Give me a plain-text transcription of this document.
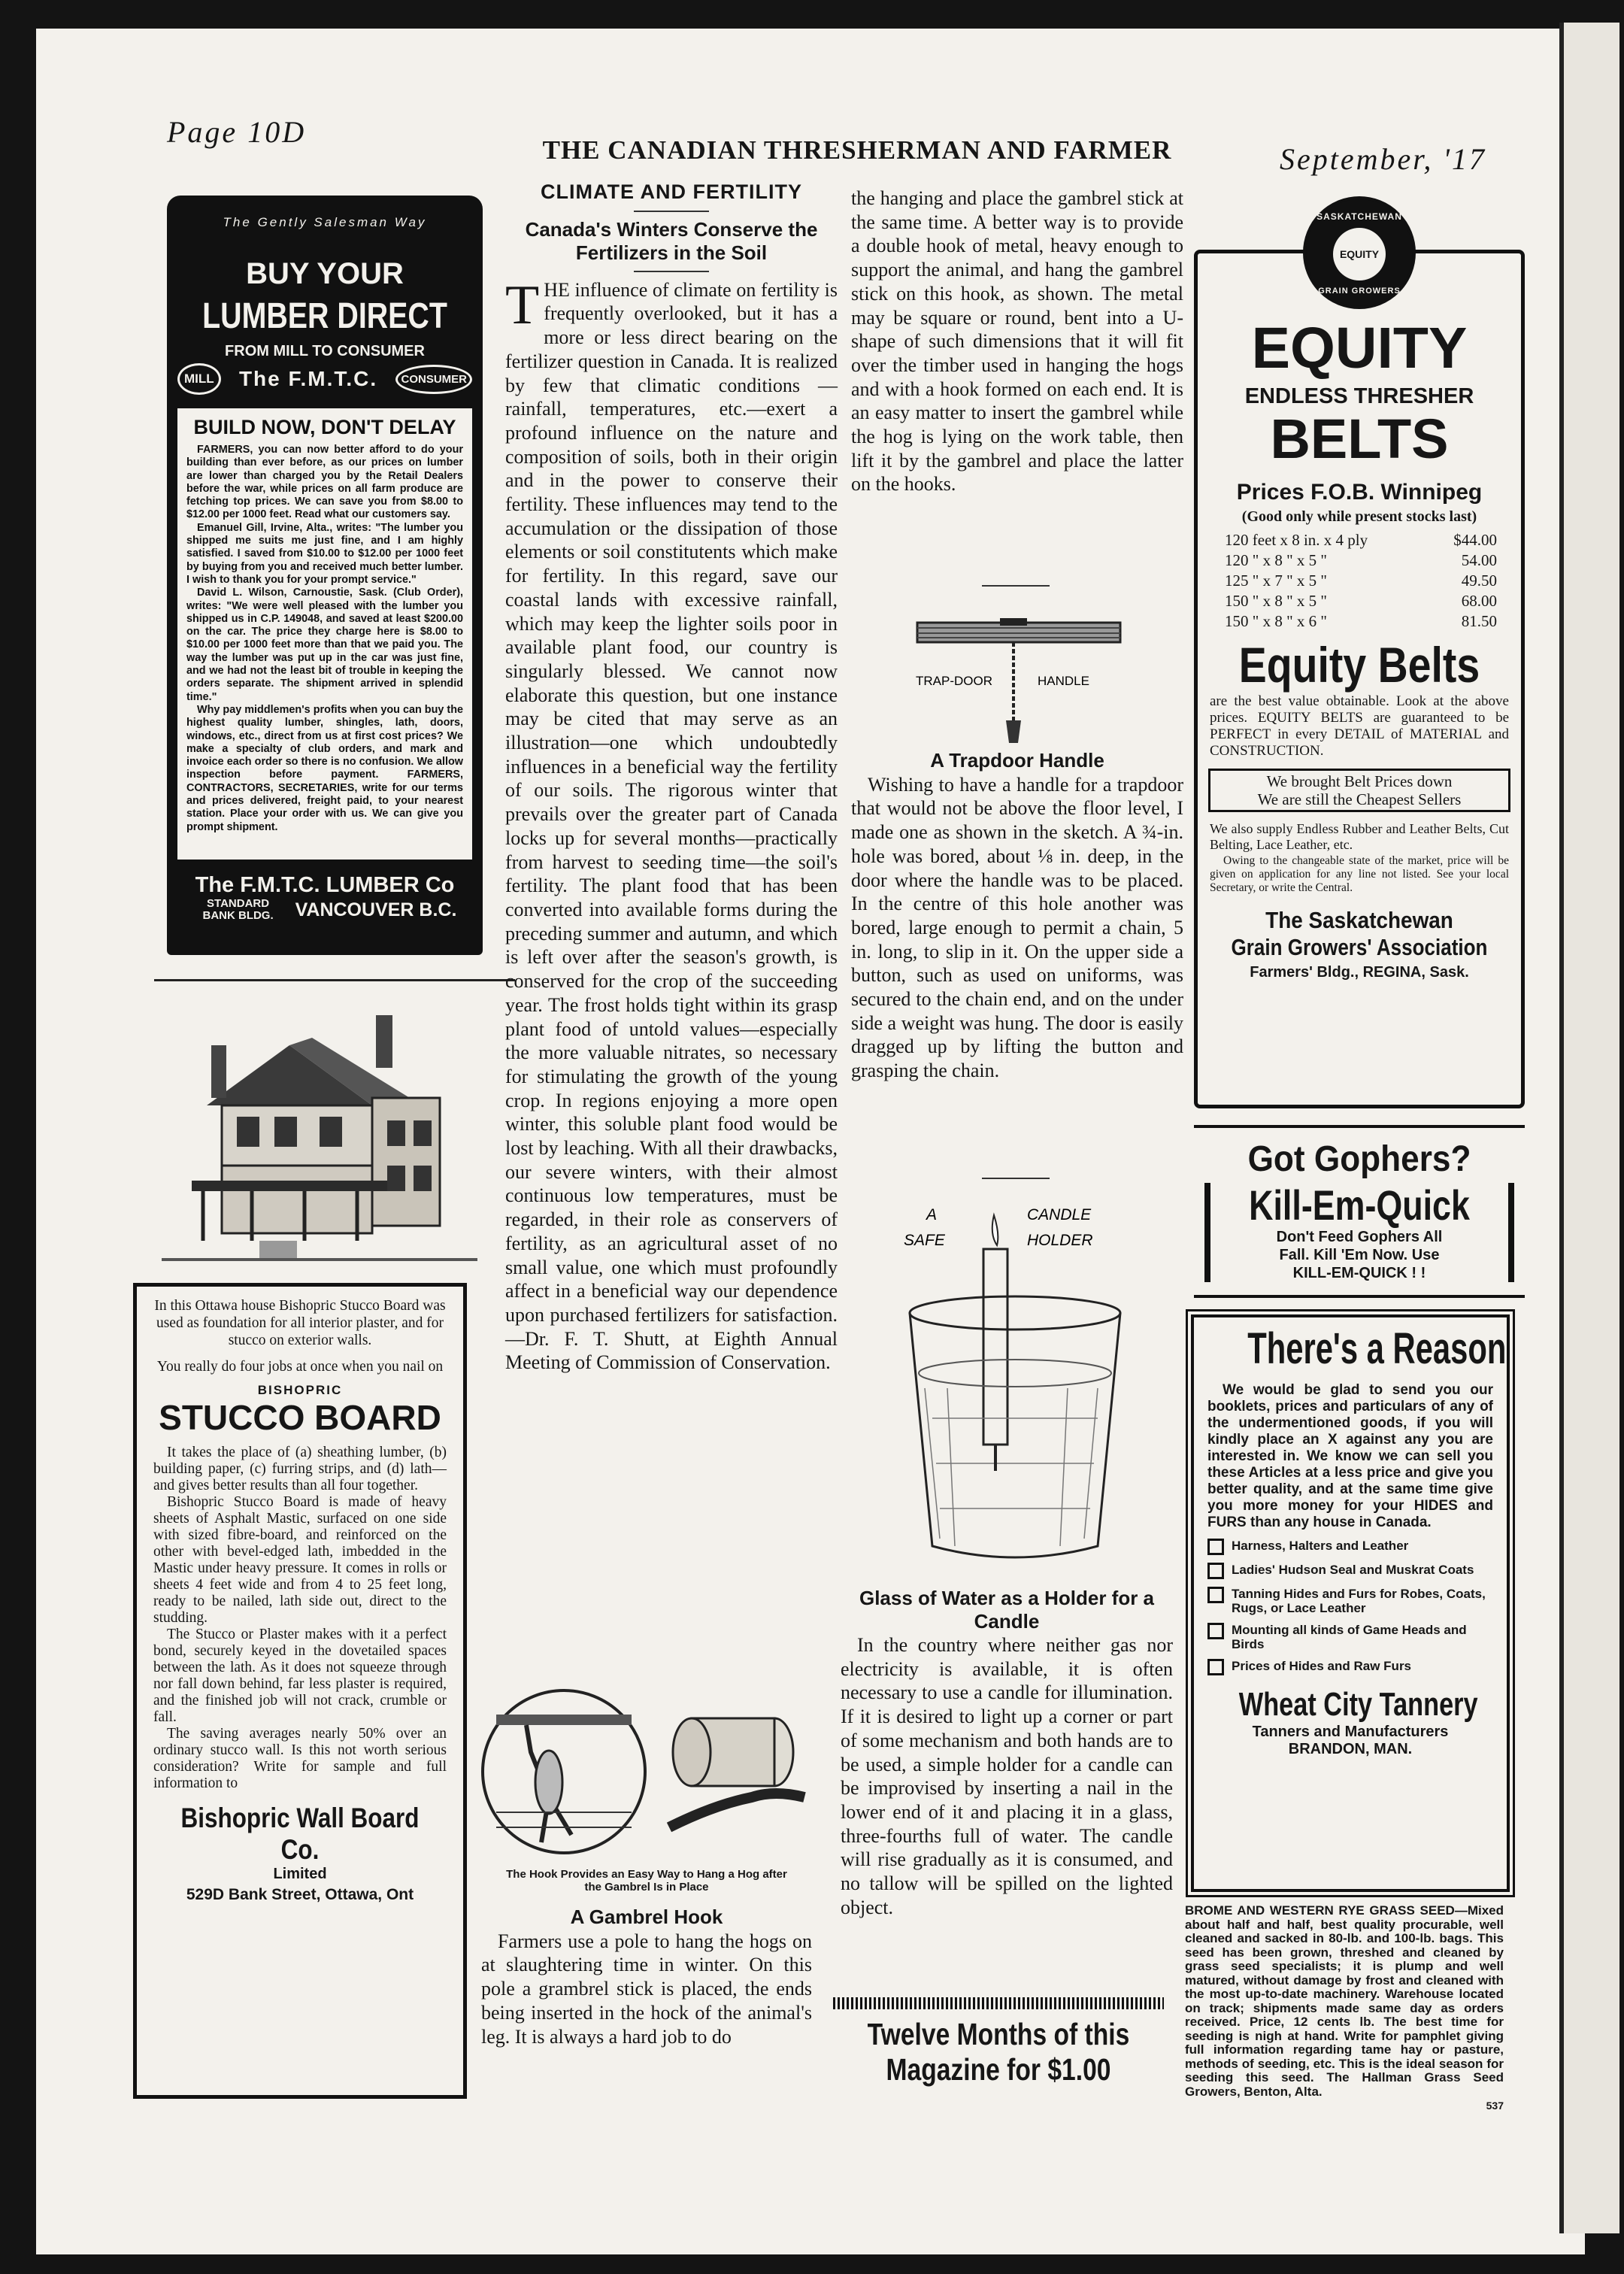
Page 10D
THE CANADIAN THRESHERMAN AND FARMER	September, '17
The Gently Salesman Way
BUY YOUR
LUMBER DIRECT
FROM MILL TO CONSUMER
MILL	The F.M.T.C.	CONSUMER
BUILD NOW, DON'T DELAY
FARMERS, you can now better afford to do your building than ever before, as our prices on lumber are lower than charged you by the Retail Dealers before the war, while prices on all farm produce are fetching top prices. We can save you from $8.00 to $12.00 per 1000 feet. Read what our customers say.
Emanuel Gill, Irvine, Alta., writes: "The lumber you shipped me suits me just fine, and I am highly satisfied. I saved from $10.00 to $12.00 per 1000 feet by buying from you and received much better lumber. I wish to thank you for your prompt service."
David L. Wilson, Carnoustie, Sask. (Club Order), writes: "We were well pleased with the lumber you shipped us in C.P. 149048, and saved at least $200.00 on the car. The price they charge here is $8.00 to $10.00 per 1000 feet more than that we paid you. The way the lumber was put up in the car was just fine, and we had not the least bit of trouble in keeping the orders separate. The shipment arrived in splendid time."
Why pay middlemen's profits when you can buy the highest quality lumber, shingles, lath, doors, windows, etc., direct from us at first cost prices? We make a specialty of club orders, and mark and invoice each order so there is no confusion. We allow inspection before payment. FARMERS, CONTRACTORS, SECRETARIES, write for our terms and prices delivered, freight paid, to your nearest station. Place your order with us. We can give you prompt shipment.
The F.M.T.C. LUMBER Co
STANDARD BANK BLDG.	VANCOUVER B.C.
In this Ottawa house Bishopric Stucco Board was used as foundation for all interior plaster, and for stucco on exterior walls.
You really do four jobs at once when you nail on
BISHOPRIC
STUCCO BOARD
It takes the place of (a) sheathing lumber, (b) building paper, (c) furring strips, and (d) lath—and gives better results than all four together.
Bishopric Stucco Board is made of heavy sheets of Asphalt Mastic, surfaced on one side with sized fibre-board, and reinforced on the other with bevel-edged lath, imbedded in the Mastic under heavy pressure. It comes in rolls or sheets 4 feet wide and from 4 to 25 feet long, ready to be nailed, lath side out, direct to the studding.
The Stucco or Plaster makes with it a perfect bond, securely keyed in the dovetailed spaces between the lath. As it does not squeeze through nor fall down behind, far less plaster is required, and the finished job will not crack, crumble or fall.
The saving averages nearly 50% over an ordinary stucco wall. Is this not worth serious consideration? Write for sample and full information to
Bishopric Wall Board Co.
Limited
529D Bank Street, Ottawa, Ont
CLIMATE AND FERTILITY
Canada's Winters Conserve the Fertilizers in the Soil
T HE influence of climate on fertility is frequently overlooked, but it has a more or less direct bearing on the fertilizer question in Canada. It is realized by few that climatic conditions — rainfall, temperatures, etc.—exert a profound influence on the nature and composition of soils, both in their origin and in the power to conserve their fertility. These influences may tend to the accumulation or the dissipation of those elements or soil constitutents which make for fertility. In this regard, save our coastal lands with excessive rainfall, which may keep the lighter soils poor in available plant food, our country is singularly blessed. We cannot now elaborate this question, but one instance may be cited that may serve as an illustration—one which undoubtedly influences in a beneficial way the fertility of our soils. The rigorous winter that prevails over the greater part of Canada locks up for several months—practically from harvest to seeding time—the soil's fertility. The plant food that has been converted into available forms during the preceding summer and autumn, and which is left over after the season's growth, is conserved for the crop of the succeeding year. The frost holds tight within its grasp plant food of untold values—especially the more valuable nitrates, so necessary for stimulating the growth of the young crop. In regions enjoying a more open winter, this soluble plant food would be lost by leaching. With all their drawbacks, our severe winters, with their almost continuous low temperatures, must be regarded, in their role as conservers of fertility, as an agricultural asset of no small value, one which must profoundly affect in a beneficial way our dependence upon purchased fertilizers for satisfaction.—Dr. F. T. Shutt, at Eighth Annual Meeting of Commission of Conservation.
The Hook Provides an Easy Way to Hang a Hog after the Gambrel Is in Place
A Gambrel Hook

Farmers use a pole to hang the hogs on at slaughtering time in winter. On this pole a grambrel stick is placed, the ends being inserted in the hock of the animal's leg. It is always a hard job to do

the hanging and place the gambrel stick at the same time. A better way is to provide a double hook of metal, heavy enough to support the animal, and hang the gambrel stick on this hook, as shown. The metal may be square or round, bent into a U-shape of such dimensions that it will fit over the timber used in hanging the hogs and with a hook formed on each end. It is an easy matter to insert the gambrel while the hog is lying on the work table, then lift it by the gambrel and place the latter on the hooks.

TRAP-DOOR	HANDLE
A Trapdoor Handle

Wishing to have a handle for a trapdoor that would not be above the floor level, I made one as shown in the sketch. A ¾-in. hole was bored, about ⅛ in. deep, in the door where the handle was to be placed. In the centre of this hole another was bored, large enough to permit a chain, 5 in. long, to slip in it. On the upper side a button, such as used on uniforms, was secured to the chain end, and on the under side a weight was hung. The door is easily dragged up by lifting the button and grasping the chain.

A
SAFE
CANDLE
HOLDER
Glass of Water as a Holder for a Candle

In the country where neither gas nor electricity is available, it is often necessary to use a candle for illumination. If it is desired to light up a corner or part of some mechanism and both hands are to be used, a simple holder for a candle can be improvised by inserting a nail in the lower end of it and placing it in a glass, three-fourths full of water. The candle will rise gradually as it is consumed, and no tallow will be spilled on the lighted object.

Twelve Months of this
Magazine for $1.00
SASKATCHEWAN
EQUITY
GRAIN GROWERS
EQUITY
ENDLESS THRESHER
BELTS
Prices F.O.B. Winnipeg
(Good only while present stocks last)
120 feet x 8 in. x 4 ply	$44.00
120 " x 8 " x 5 "	54.00
125 " x 7 " x 5 "	49.50
150 " x 8 " x 5 "	68.00
150 " x 8 " x 6 "	81.50
Equity Belts
are the best value obtainable. Look at the above prices. EQUITY BELTS are guaranteed to be PERFECT in every DETAIL of MATERIAL and CONSTRUCTION.
We brought Belt Prices down
We are still the Cheapest Sellers
We also supply Endless Rubber and Leather Belts, Cut Belting, Lace Leather, etc.
Owing to the changeable state of the market, price will be given on application for any line not listed. See your local Secretary, or write the Central.
The Saskatchewan
Grain Growers' Association
Farmers' Bldg., REGINA, Sask.
Got Gophers?
Kill-Em-Quick
Don't Feed Gophers All
Fall. Kill 'Em Now. Use
KILL-EM-QUICK ! !
There's a Reason
We would be glad to send you our booklets, prices and particulars of any of the undermentioned goods, if you will kindly place an X against any you are interested in. We know we can sell you these Articles at a less price and give you better quality, and at the same time give you more money for your HIDES and FURS than any house in Canada.
Harness, Halters and Leather
Ladies' Hudson Seal and Muskrat Coats
Tanning Hides and Furs for Robes, Coats, Rugs, or Lace Leather
Mounting all kinds of Game Heads and Birds
Prices of Hides and Raw Furs
Wheat City Tannery
Tanners and Manufacturers
BRANDON, MAN.
BROME AND WESTERN RYE GRASS SEED—Mixed about half and half, best quality procurable, well cleaned and sacked in 80-lb. and 100-lb. bags. This seed has been grown, threshed and cleaned by grass seed specialists; it is plump and well matured, without damage by frost and cleaned with the most up-to-date machinery. Warehouse located on track; shipments made same day as orders received. Price, 12 cents lb. The best time for seeding is nigh at hand. Write for pamphlet giving full information regarding tame hay or pasture, methods of seeding, etc. This is the ideal season for seeding this seed. The Hallman Grass Seed Growers, Benton, Alta.
537
